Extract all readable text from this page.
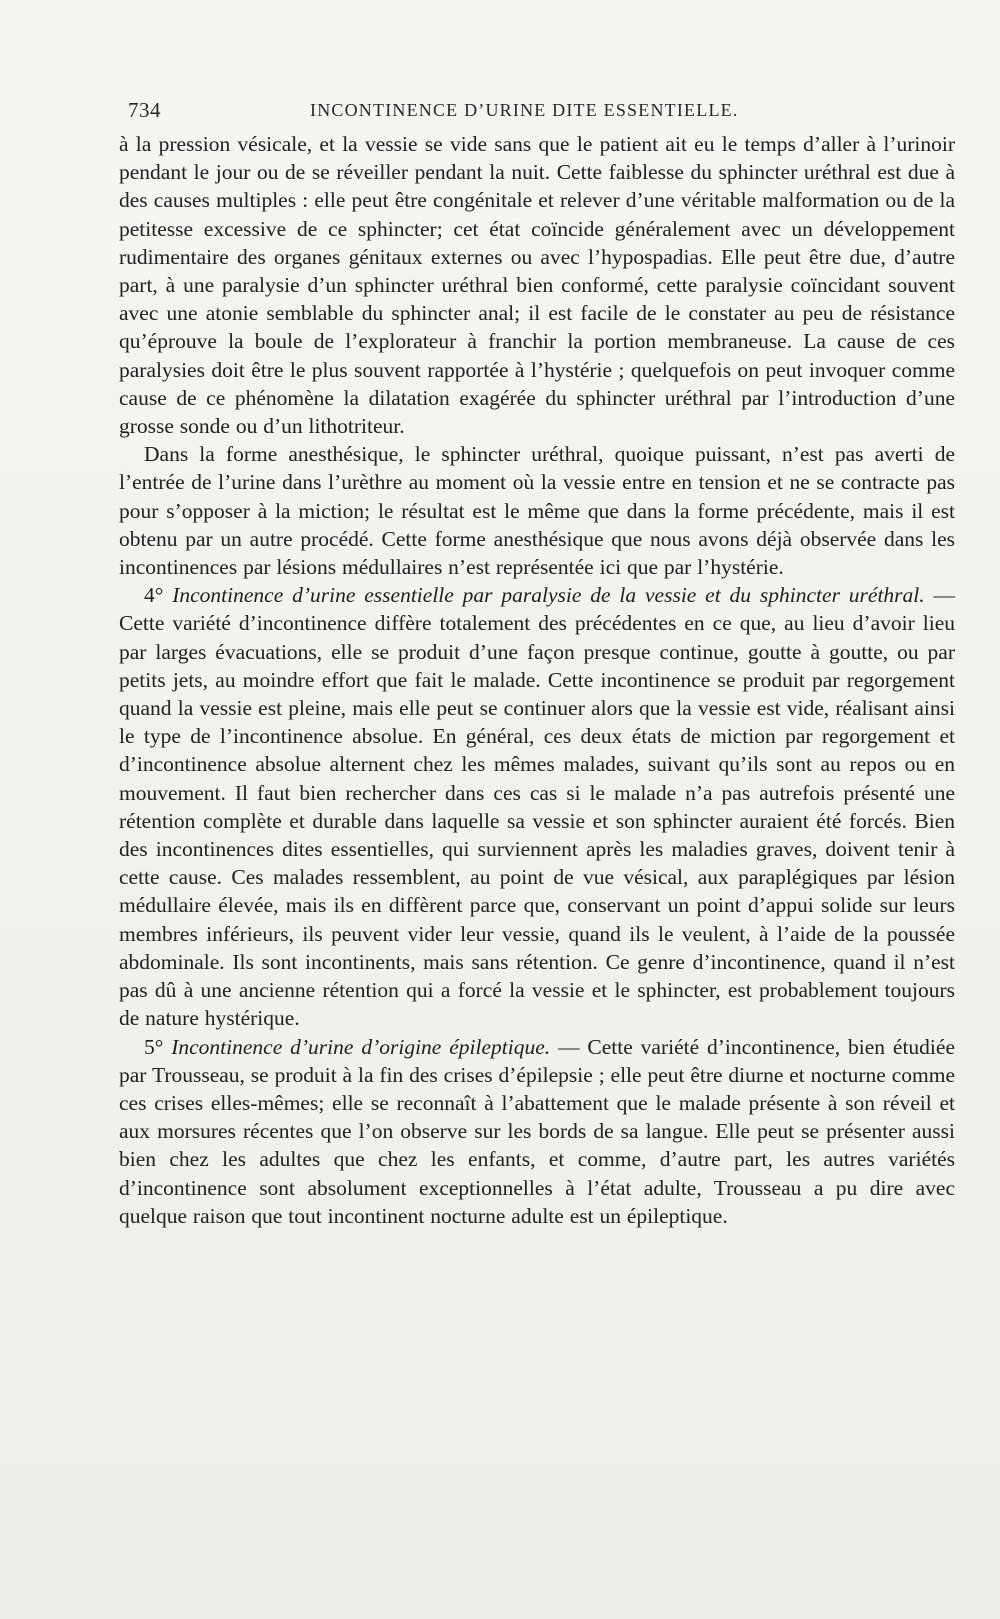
734	INCONTINENCE D’URINE DITE ESSENTIELLE.

à la pression vésicale, et la vessie se vide sans que le patient ait eu le temps d’aller à l’urinoir pendant le jour ou de se réveiller pendant la nuit. Cette faiblesse du sphincter uréthral est due à des causes multiples : elle peut être congénitale et relever d’une véritable malformation ou de la petitesse excessive de ce sphincter; cet état coïncide généralement avec un développement rudimentaire des organes génitaux externes ou avec l’hypospadias. Elle peut être due, d’autre part, à une paralysie d’un sphincter uréthral bien conformé, cette paralysie coïncidant souvent avec une atonie semblable du sphincter anal; il est facile de le constater au peu de résistance qu’éprouve la boule de l’explorateur à franchir la portion membraneuse. La cause de ces paralysies doit être le plus souvent rapportée à l’hystérie ; quelquefois on peut invoquer comme cause de ce phénomène la dilatation exagérée du sphincter uréthral par l’introduction d’une grosse sonde ou d’un lithotriteur.

Dans la forme anesthésique, le sphincter uréthral, quoique puissant, n’est pas averti de l’entrée de l’urine dans l’urèthre au moment où la vessie entre en tension et ne se contracte pas pour s’opposer à la miction; le résultat est le même que dans la forme précédente, mais il est obtenu par un autre procédé. Cette forme anesthésique que nous avons déjà observée dans les incontinences par lésions médullaires n’est représentée ici que par l’hystérie.

4° Incontinence d’urine essentielle par paralysie de la vessie et du sphincter uréthral. — Cette variété d’incontinence diffère totalement des précédentes en ce que, au lieu d’avoir lieu par larges évacuations, elle se produit d’une façon presque continue, goutte à goutte, ou par petits jets, au moindre effort que fait le malade. Cette incontinence se produit par regorgement quand la vessie est pleine, mais elle peut se continuer alors que la vessie est vide, réalisant ainsi le type de l’incontinence absolue. En général, ces deux états de miction par regorgement et d’incontinence absolue alternent chez les mêmes malades, suivant qu’ils sont au repos ou en mouvement. Il faut bien rechercher dans ces cas si le malade n’a pas autrefois présenté une rétention complète et durable dans laquelle sa vessie et son sphincter auraient été forcés. Bien des incontinences dites essentielles, qui surviennent après les maladies graves, doivent tenir à cette cause. Ces malades ressemblent, au point de vue vésical, aux paraplégiques par lésion médullaire élevée, mais ils en diffèrent parce que, conservant un point d’appui solide sur leurs membres inférieurs, ils peuvent vider leur vessie, quand ils le veulent, à l’aide de la poussée abdominale. Ils sont incontinents, mais sans rétention. Ce genre d’incontinence, quand il n’est pas dû à une ancienne rétention qui a forcé la vessie et le sphincter, est probablement toujours de nature hystérique.

5° Incontinence d’urine d’origine épileptique. — Cette variété d’incontinence, bien étudiée par Trousseau, se produit à la fin des crises d’épilepsie ; elle peut être diurne et nocturne comme ces crises elles-mêmes; elle se reconnaît à l’abattement que le malade présente à son réveil et aux morsures récentes que l’on observe sur les bords de sa langue. Elle peut se présenter aussi bien chez les adultes que chez les enfants, et comme, d’autre part, les autres variétés d’incontinence sont absolument exceptionnelles à l’état adulte, Trousseau a pu dire avec quelque raison que tout incontinent nocturne adulte est un épileptique.
